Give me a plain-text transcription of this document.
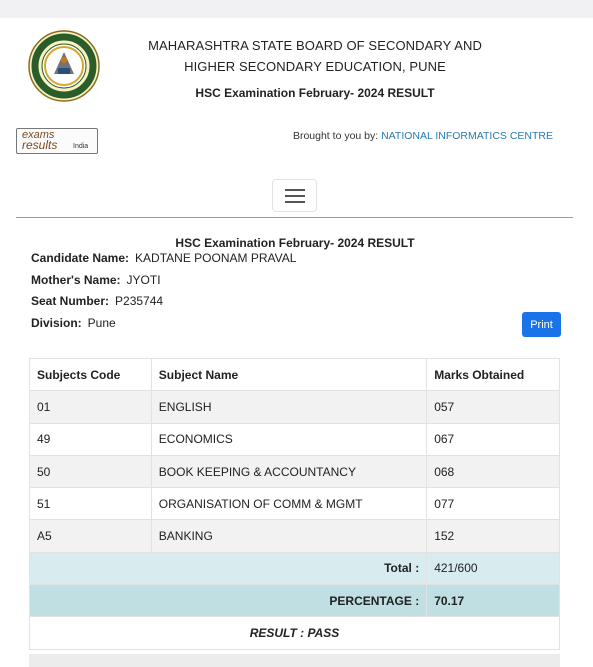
MAHARASHTRA STATE BOARD OF SECONDARY AND
HIGHER SECONDARY EDUCATION, PUNE
HSC Examination February- 2024 RESULT
exams
results India
Brought to you by: NATIONAL INFORMATICS CENTRE
HSC Examination February- 2024 RESULT
Candidate Name: KADTANE POONAM PRAVAL
Mother's Name: JYOTI
Seat Number: P235744
Division: Pune	Print
Subjects Code	Subject Name	Marks Obtained
01	ENGLISH	057
49	ECONOMICS	067
50	BOOK KEEPING & ACCOUNTANCY	068
51	ORGANISATION OF COMM & MGMT	077
A5	BANKING	152
Total :		421/600
PERCENTAGE :		70.17
RESULT : PASS		
